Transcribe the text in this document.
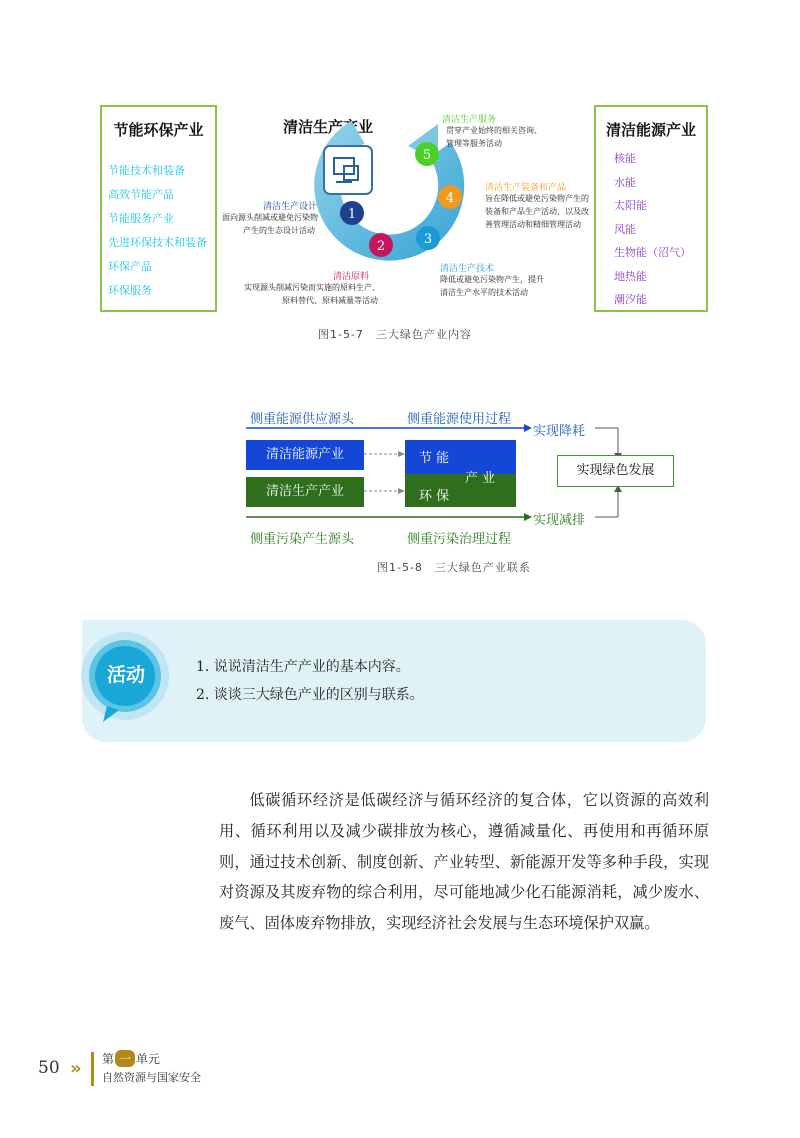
节能环保产业
节能技术和装备
高效节能产品
节能服务产业
先进环保技术和装备
环保产品
环保服务
清洁能源产业
核能
水能
太阳能
风能
生物能（沼气）
地热能
潮汐能
清洁生产产业
1
2	3
4
5
清洁生产设计
面向源头削减或避免污染物
产生的生态设计活动
清洁原料
实现源头削减污染而实施的原料生产、
原料替代、原料减量等活动
清洁生产技术
降低或避免污染物产生，提升
清洁生产水平的技术活动
清洁生产装备和产品
旨在降低或避免污染物产生的
装备和产品生产活动，以及改
善管理活动和精细管理活动
清洁生产服务
贯穿产业始终的相关咨询、
管理等服务活动
图1-5-7　三大绿色产业内容
侧重能源供应源头	侧重能源使用过程
实现降耗
实现减排
清洁能源产业
清洁生产产业
节 能
产 业
环 保
实现绿色发展
侧重污染产生源头	侧重污染治理过程
图1-5-8　三大绿色产业联系
活动	1. 说说清洁生产产业的基本内容。
2. 谈谈三大绿色产业的区别与联系。

低碳循环经济是低碳经济与循环经济的复合体，它以资源的高效利用、循环利用以及减少碳排放为核心，遵循减量化、再使用和再循环原则，通过技术创新、制度创新、产业转型、新能源开发等多种手段，实现对资源及其废弃物的综合利用，尽可能地减少化石能源消耗，减少废水、废气、固体废弃物排放，实现经济社会发展与生态环境保护双赢。

50 » 第 一 单元
自然资源与国家安全
